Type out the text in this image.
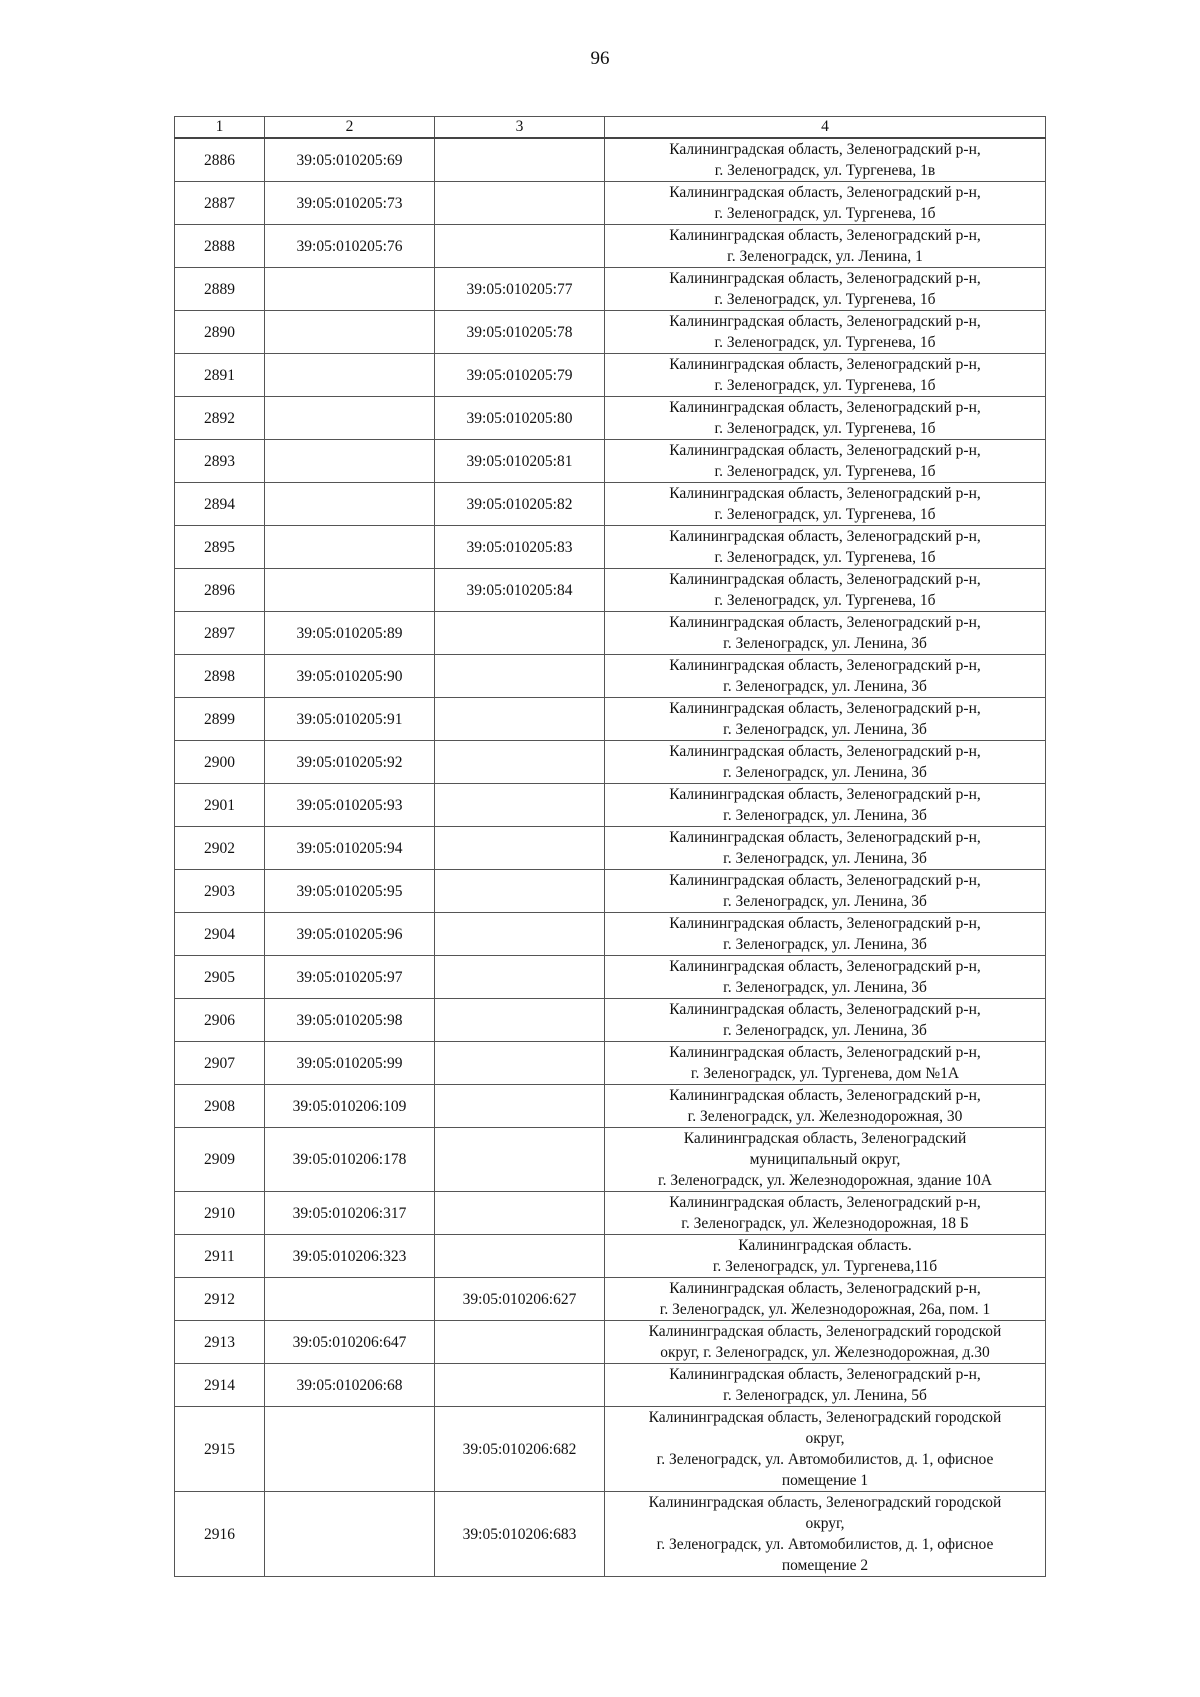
96
1	2	3	4
2886	39:05:010205:69		Калининградская область, Зеленоградский р-н,
г. Зеленоградск, ул. Тургенева, 1в
2887	39:05:010205:73		Калининградская область, Зеленоградский р-н,
г. Зеленоградск, ул. Тургенева, 1б
2888	39:05:010205:76		Калининградская область, Зеленоградский р-н,
г. Зеленоградск, ул. Ленина, 1
2889		39:05:010205:77	Калининградская область, Зеленоградский р-н,
г. Зеленоградск, ул. Тургенева, 1б
2890		39:05:010205:78	Калининградская область, Зеленоградский р-н,
г. Зеленоградск, ул. Тургенева, 1б
2891		39:05:010205:79	Калининградская область, Зеленоградский р-н,
г. Зеленоградск, ул. Тургенева, 1б
2892		39:05:010205:80	Калининградская область, Зеленоградский р-н,
г. Зеленоградск, ул. Тургенева, 1б
2893		39:05:010205:81	Калининградская область, Зеленоградский р-н,
г. Зеленоградск, ул. Тургенева, 1б
2894		39:05:010205:82	Калининградская область, Зеленоградский р-н,
г. Зеленоградск, ул. Тургенева, 1б
2895		39:05:010205:83	Калининградская область, Зеленоградский р-н,
г. Зеленоградск, ул. Тургенева, 1б
2896		39:05:010205:84	Калининградская область, Зеленоградский р-н,
г. Зеленоградск, ул. Тургенева, 1б
2897	39:05:010205:89		Калининградская область, Зеленоградский р-н,
г. Зеленоградск, ул. Ленина, 3б
2898	39:05:010205:90		Калининградская область, Зеленоградский р-н,
г. Зеленоградск, ул. Ленина, 3б
2899	39:05:010205:91		Калининградская область, Зеленоградский р-н,
г. Зеленоградск, ул. Ленина, 3б
2900	39:05:010205:92		Калининградская область, Зеленоградский р-н,
г. Зеленоградск, ул. Ленина, 3б
2901	39:05:010205:93		Калининградская область, Зеленоградский р-н,
г. Зеленоградск, ул. Ленина, 3б
2902	39:05:010205:94		Калининградская область, Зеленоградский р-н,
г. Зеленоградск, ул. Ленина, 3б
2903	39:05:010205:95		Калининградская область, Зеленоградский р-н,
г. Зеленоградск, ул. Ленина, 3б
2904	39:05:010205:96		Калининградская область, Зеленоградский р-н,
г. Зеленоградск, ул. Ленина, 3б
2905	39:05:010205:97		Калининградская область, Зеленоградский р-н,
г. Зеленоградск, ул. Ленина, 3б
2906	39:05:010205:98		Калининградская область, Зеленоградский р-н,
г. Зеленоградск, ул. Ленина, 3б
2907	39:05:010205:99		Калининградская область, Зеленоградский р-н,
г. Зеленоградск, ул. Тургенева, дом №1А
2908	39:05:010206:109		Калининградская область, Зеленоградский р-н,
г. Зеленоградск, ул. Железнодорожная, 30
2909	39:05:010206:178		Калининградская область, Зеленоградский
муниципальный округ,
г. Зеленоградск, ул. Железнодорожная, здание 10А
2910	39:05:010206:317		Калининградская область, Зеленоградский р-н,
г. Зеленоградск, ул. Железнодорожная, 18 Б
2911	39:05:010206:323		Калининградская область.
г. Зеленоградск, ул. Тургенева,11б
2912		39:05:010206:627	Калининградская область, Зеленоградский р-н,
г. Зеленоградск, ул. Железнодорожная, 26а, пом. 1
2913	39:05:010206:647		Калининградская область, Зеленоградский городской
округ, г. Зеленоградск, ул. Железнодорожная, д.30
2914	39:05:010206:68		Калининградская область, Зеленоградский р-н,
г. Зеленоградск, ул. Ленина, 5б
2915		39:05:010206:682	Калининградская область, Зеленоградский городской
округ,
г. Зеленоградск, ул. Автомобилистов, д. 1, офисное
помещение 1
2916		39:05:010206:683	Калининградская область, Зеленоградский городской
округ,
г. Зеленоградск, ул. Автомобилистов, д. 1, офисное
помещение 2
